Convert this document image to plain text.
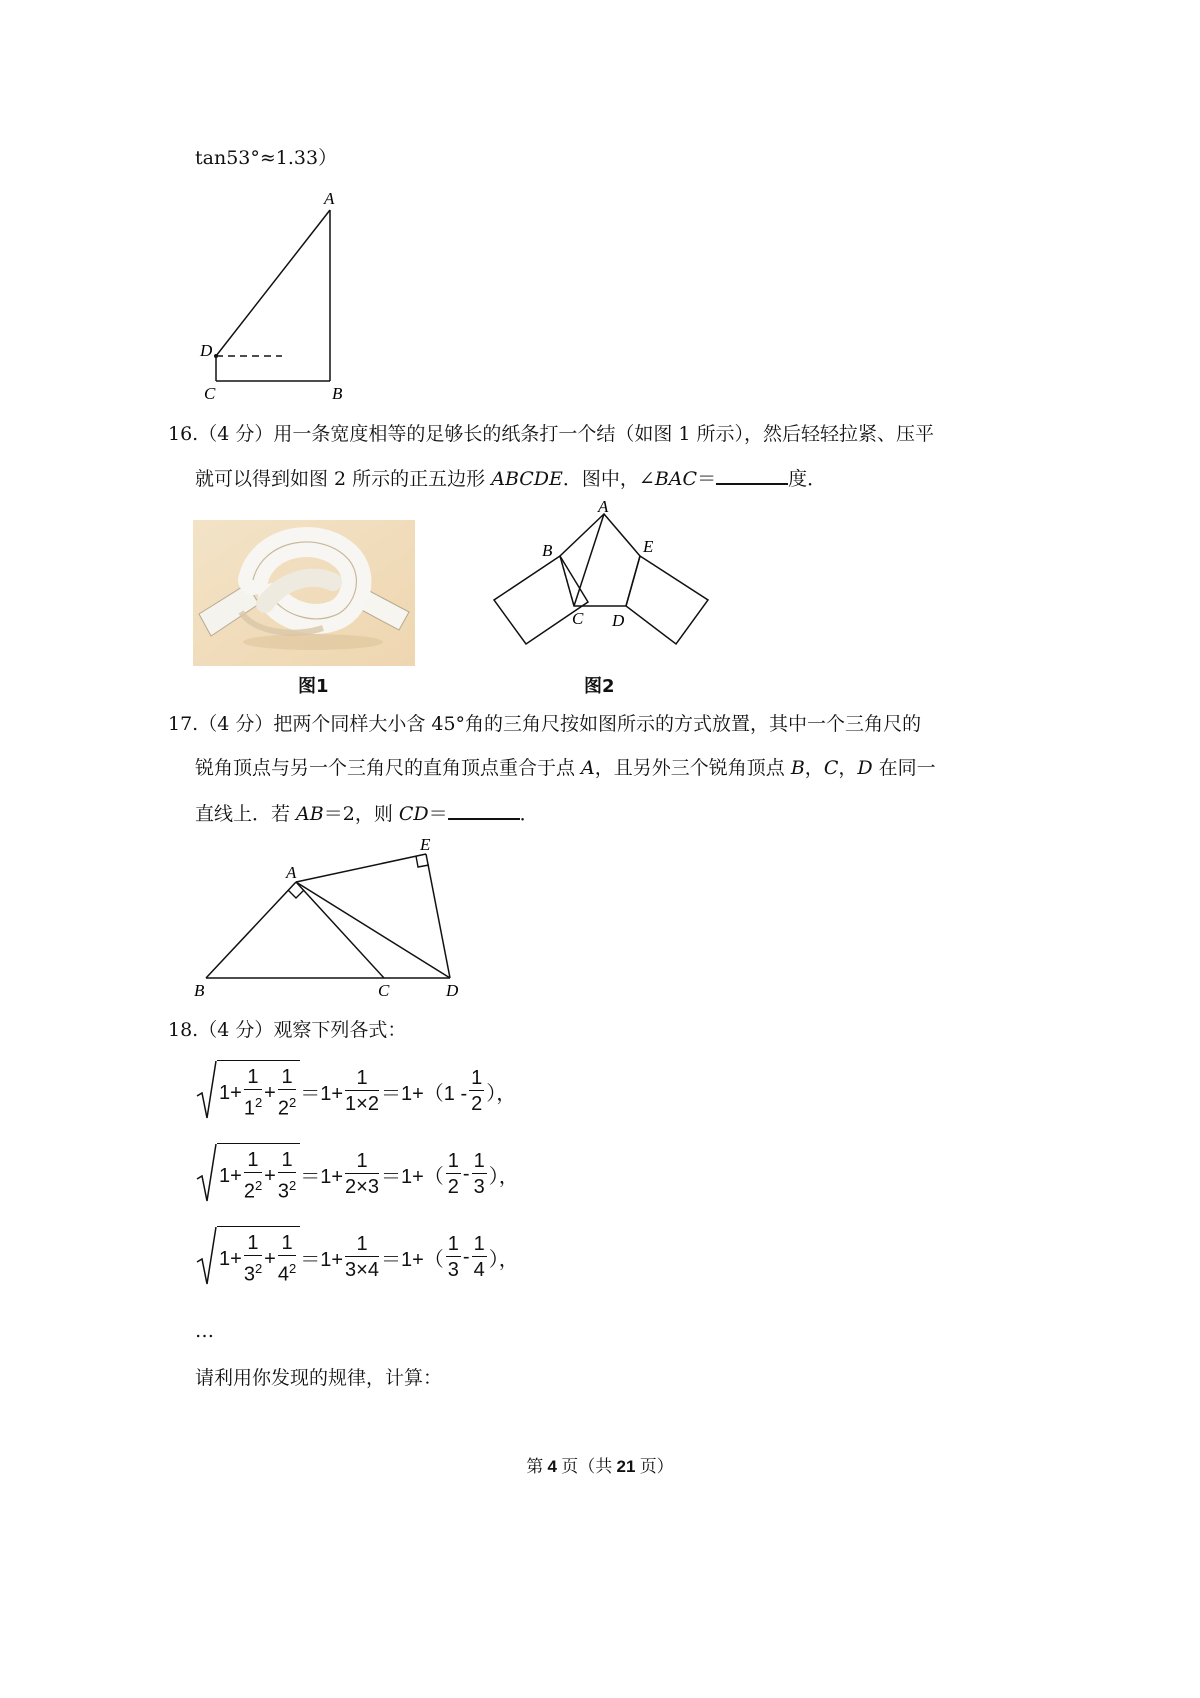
tan53°≈1.33）
A
D
C	B
16.（4 分）用一条宽度相等的足够长的纸条打一个结（如图 1 所示），然后轻轻拉紧、压平
就可以得到如图 2 所示的正五边形 ABCDE．图中，∠BAC＝	度．
图1
A
B
C D
E
图2
17.（4 分）把两个同样大小含 45°角的三角尺按如图所示的方式放置，其中一个三角尺的
锐角顶点与另一个三角尺的直角顶点重合于点 A，且另外三个锐角顶点 B，C，D 在同一
直线上．若 AB＝2，则 CD＝	．
A
E
B	C	D
18.（4 分）观察下列各式：
$1+ \frac{1}{1^2} + \frac{1}{2^2} =1+ \frac{1}{1\times 2} =1+ (1 - \frac{1}{2}$ ），
$1+ \frac{1}{2^2} + \frac{1}{3^2} =1+ \frac{1}{2\times 3} =1+$ （ $\frac{1}{2} - \frac{1}{3}$ ），
$1+ \frac{1}{3^2} + \frac{1}{4^2} =1+ \frac{1}{3\times 4} =1+$ （ $\frac{1}{3} - \frac{1}{4}$ ），
…
请利用你发现的规律，计算：
第 4 页（共 21 页）
